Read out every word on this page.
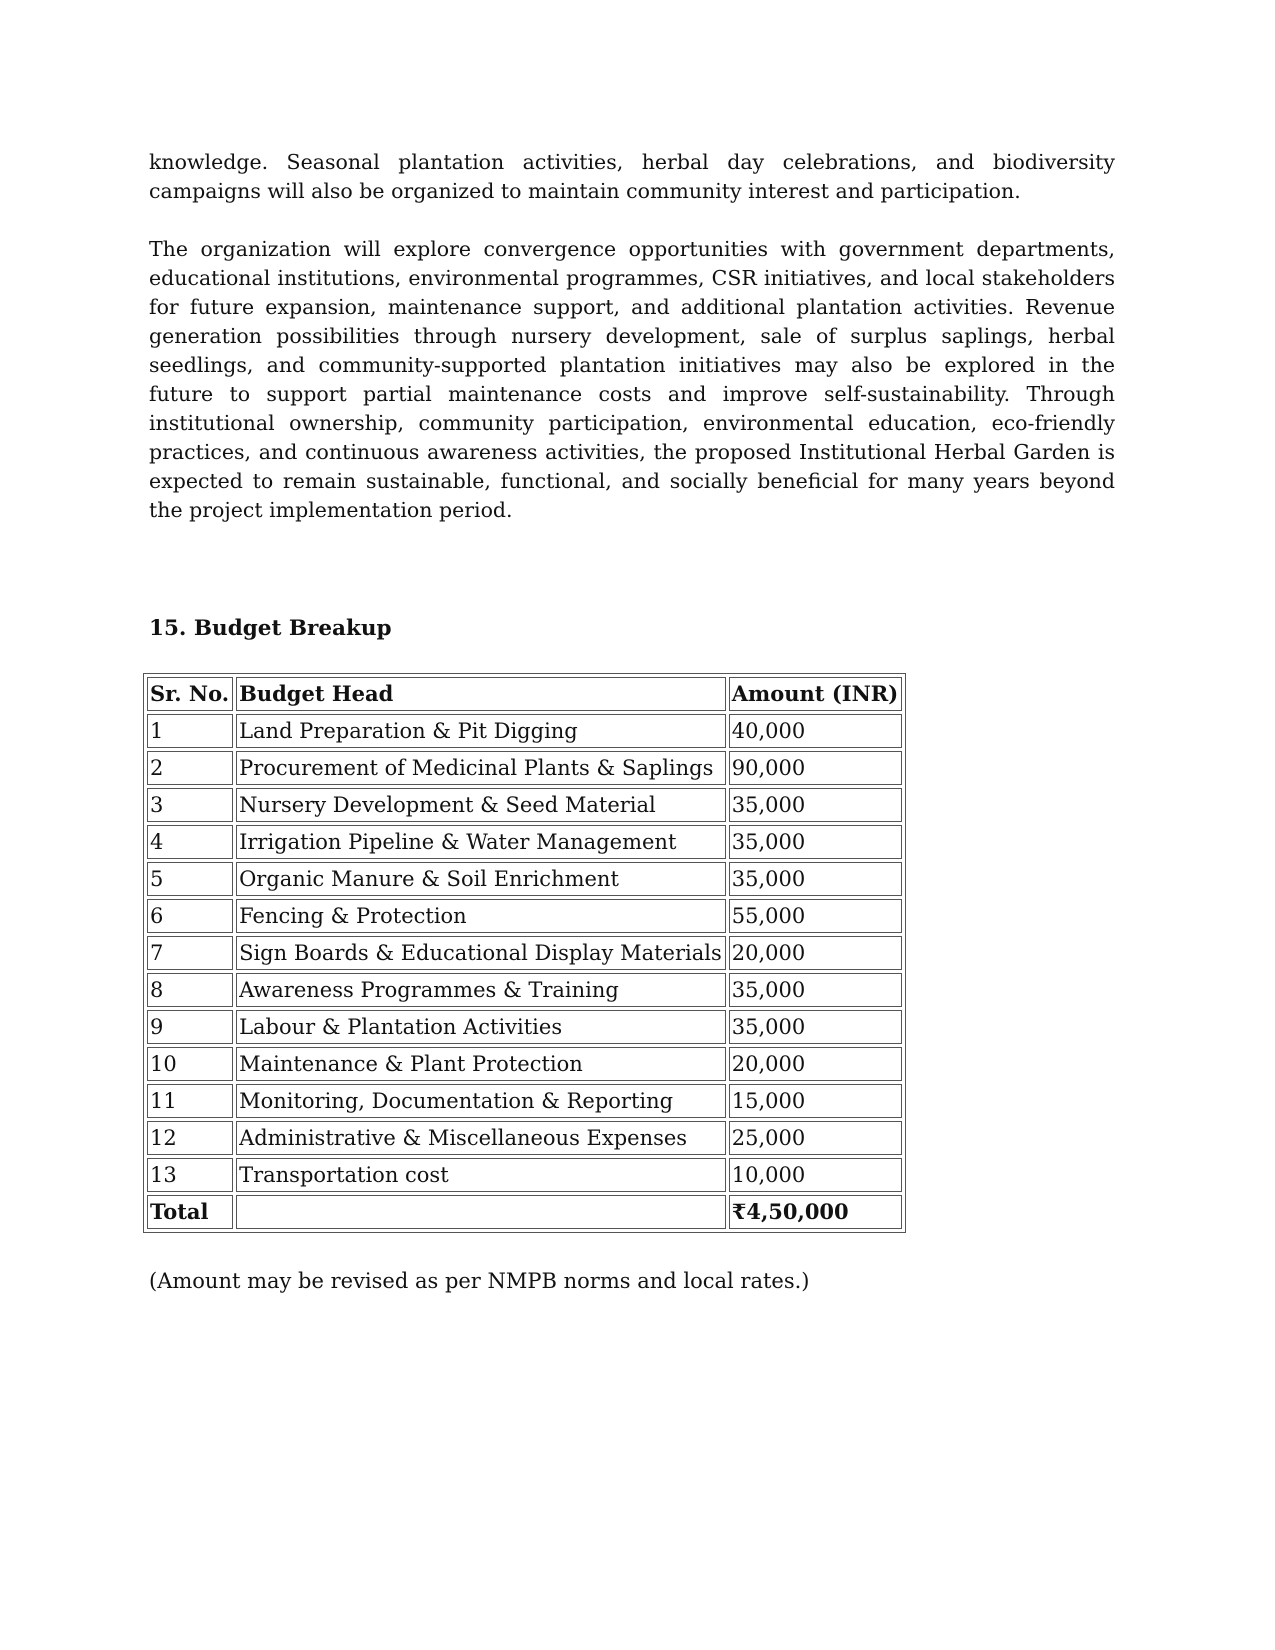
knowledge. Seasonal plantation activities, herbal day celebrations, and biodiversity campaigns will also be organized to maintain community interest and participation.

The organization will explore convergence opportunities with government departments, educational institutions, environmental programmes, CSR initiatives, and local stakeholders for future expansion, maintenance support, and additional plantation activities. Revenue generation possibilities through nursery development, sale of surplus saplings, herbal seedlings, and community-supported plantation initiatives may also be explored in the future to support partial maintenance costs and improve self-sustainability. Through institutional ownership, community participation, environmental education, eco-friendly practices, and continuous awareness activities, the proposed Institutional Herbal Garden is expected to remain sustainable, functional, and socially beneficial for many years beyond the project implementation period.

15. Budget Breakup
Sr. No.	Budget Head	Amount (INR)
1	Land Preparation & Pit Digging	40,000
2	Procurement of Medicinal Plants & Saplings	90,000
3	Nursery Development & Seed Material	35,000
4	Irrigation Pipeline & Water Management	35,000
5	Organic Manure & Soil Enrichment	35,000
6	Fencing & Protection	55,000
7	Sign Boards & Educational Display Materials	20,000
8	Awareness Programmes & Training	35,000
9	Labour & Plantation Activities	35,000
10	Maintenance & Plant Protection	20,000
11	Monitoring, Documentation & Reporting	15,000
12	Administrative & Miscellaneous Expenses	25,000
13	Transportation cost	10,000
Total		₹4,50,000

(Amount may be revised as per NMPB norms and local rates.)
